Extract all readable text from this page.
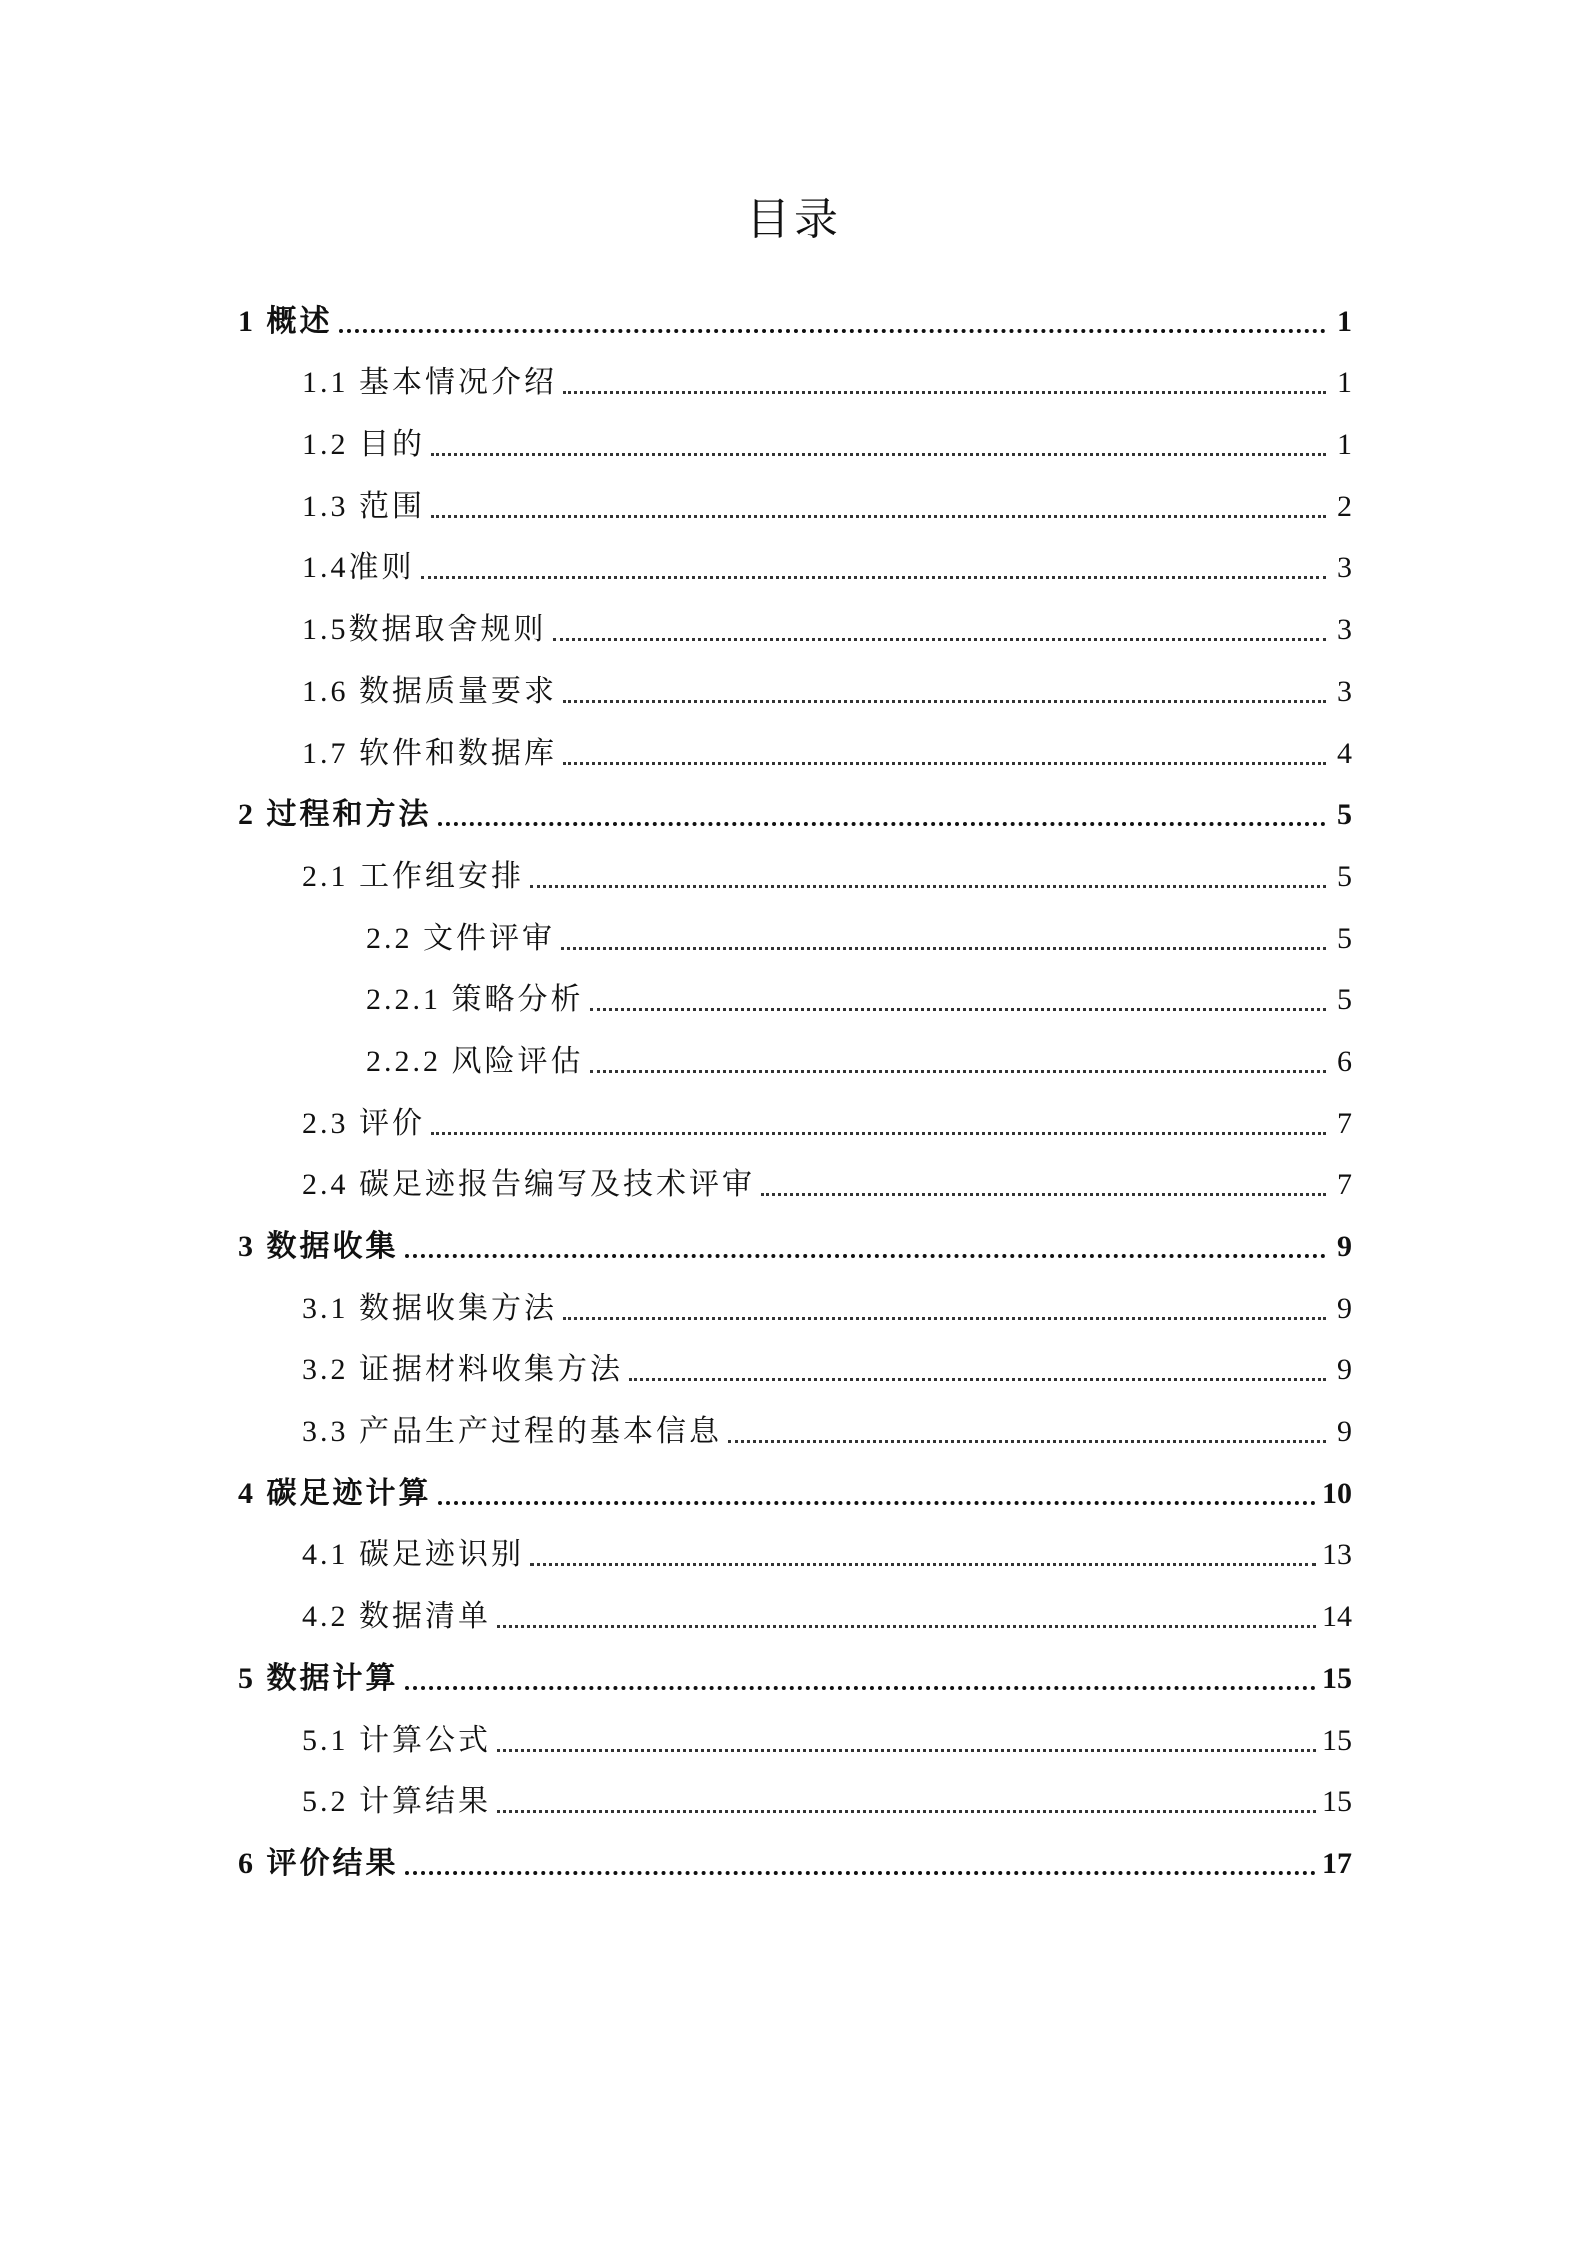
目录
1 概述	1
1.1 基本情况介绍	1
1.2 目的	1
1.3 范围	2
1.4准则	3
1.5数据取舍规则	3
1.6 数据质量要求	3
1.7 软件和数据库	4
2 过程和方法	5
2.1 工作组安排	5
2.2 文件评审	5
2.2.1 策略分析	5
2.2.2 风险评估	6
2.3 评价	7
2.4 碳足迹报告编写及技术评审	7
3 数据收集	9
3.1 数据收集方法	9
3.2 证据材料收集方法	9
3.3 产品生产过程的基本信息	9
4 碳足迹计算	10
4.1 碳足迹识别	13
4.2 数据清单	14
5 数据计算	15
5.1 计算公式	15
5.2 计算结果	15
6 评价结果	17
